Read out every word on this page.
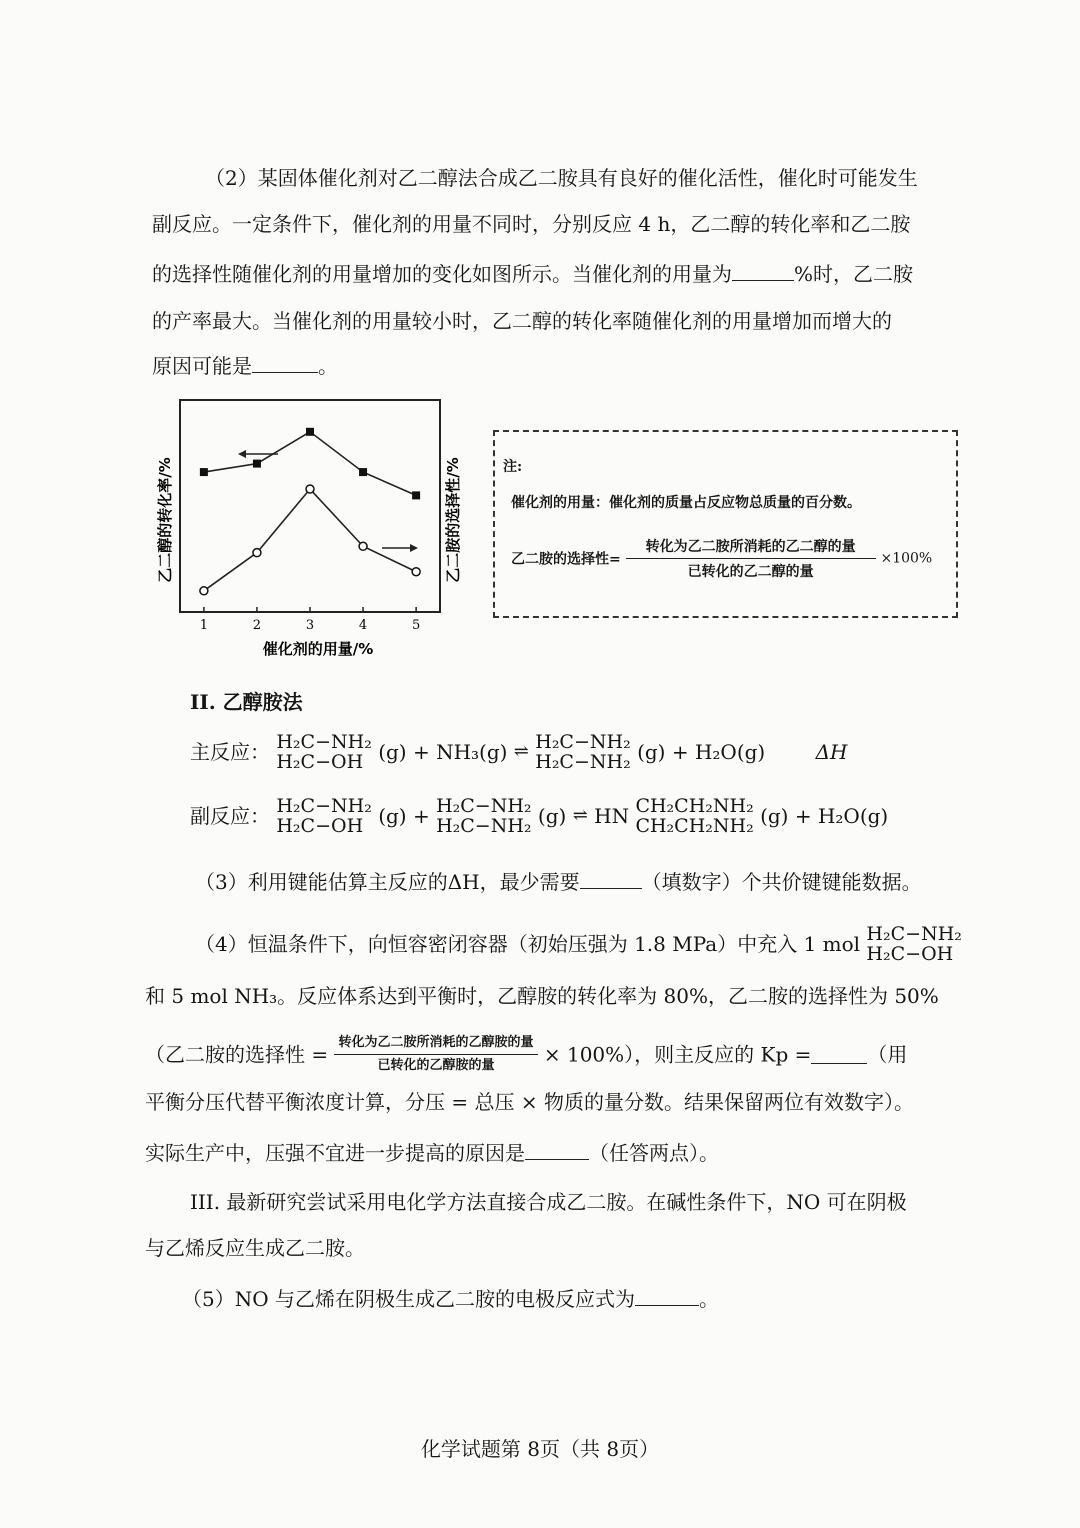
（2）某固体催化剂对乙二醇法合成乙二胺具有良好的催化活性，催化时可能发生
副反应。一定条件下，催化剂的用量不同时，分别反应 4 h，乙二醇的转化率和乙二胺
的选择性随催化剂的用量增加的变化如图所示。当催化剂的用量为	%时，乙二胺
的产率最大。当催化剂的用量较小时，乙二醇的转化率随催化剂的用量增加而增大的
原因可能是	。
1	2	3	4	5
乙二醇的转化率/%	乙二胺的选择性/%
催化剂的用量/%
注:
催化剂的用量：催化剂的质量占反应物总质量的百分数。
乙二胺的选择性= $\frac{\text{转化为乙二胺所消耗的乙二醇的量}}{\text{已转化的乙二醇的量}} \times 100\%$
II. 乙醇胺法
主反应： H₂C−NH₂
H₂C−OH (g) + NH₃(g) ⇌ H₂C−NH₂
H₂C−NH₂ (g) + H₂O(g)	ΔH
副反应： H₂C−NH₂
H₂C−OH (g) + H₂C−NH₂
H₂C−NH₂ (g) ⇌ HN CH₂CH₂NH₂
CH₂CH₂NH₂ (g) + H₂O(g)
（3）利用键能估算主反应的ΔH，最少需要	（填数字）个共价键键能数据。
（4）恒温条件下，向恒容密闭容器（初始压强为 1.8 MPa）中充入 1 mol H₂C−NH₂
H₂C−OH
和 5 mol NH₃。反应体系达到平衡时，乙醇胺的转化率为 80%，乙二胺的选择性为 50%
（乙二胺的选择性 = $\frac{\text{转化为乙二胺所消耗的乙醇胺的量}}{\text{已转化的乙醇胺的量}} \times 100\%$），则主反应的 Kp =	（用
平衡分压代替平衡浓度计算，分压 = 总压 × 物质的量分数。结果保留两位有效数字）。
实际生产中，压强不宜进一步提高的原因是	（任答两点）。
III. 最新研究尝试采用电化学方法直接合成乙二胺。在碱性条件下，NO 可在阴极
与乙烯反应生成乙二胺。
（5）NO 与乙烯在阴极生成乙二胺的电极反应式为	。
化学试题第 8页（共 8页）
